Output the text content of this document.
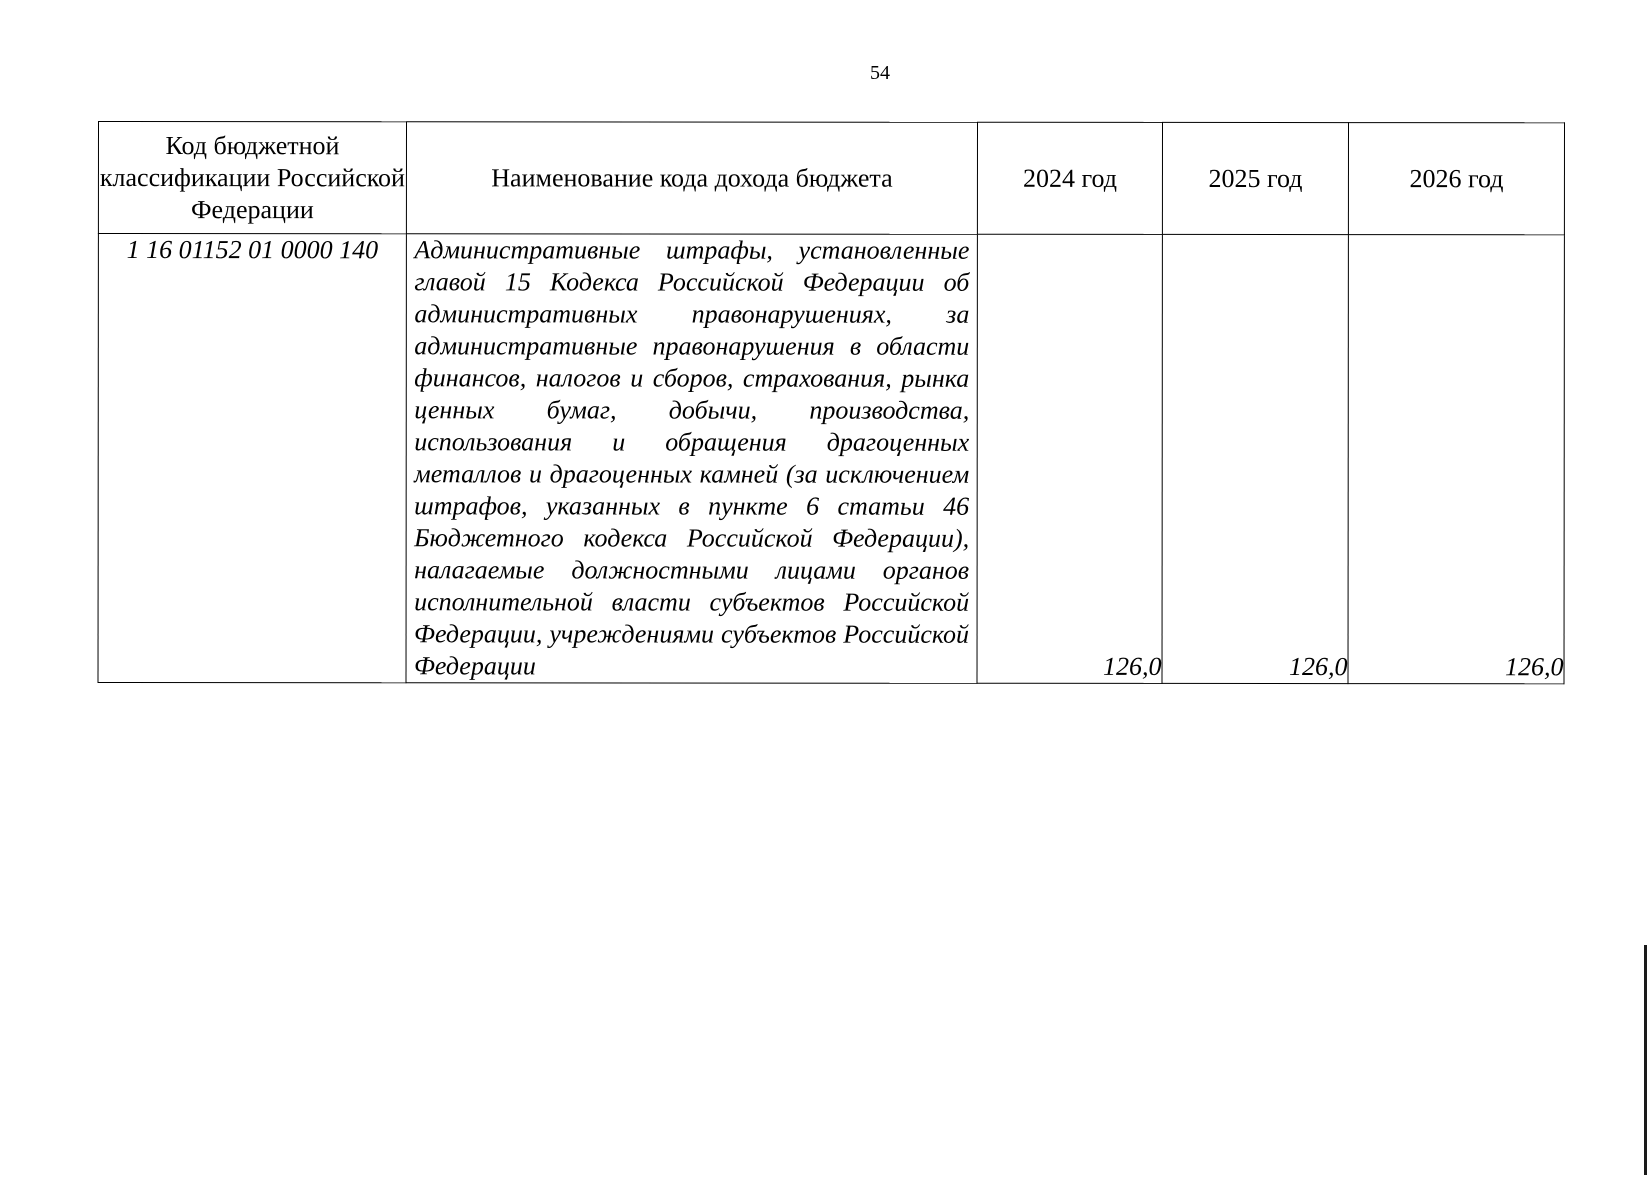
54
Код бюджетной классификации Российской Федерации	Наименование кода дохода бюджета	2024 год	2025 год	2026 год
1 16 01152 01 0000 140	Административные штрафы, установленные главой 15 Кодекса Российской Федерации об административных правонарушениях, за административные правонарушения в области финансов, налогов и сборов, страхования, рынка ценных бумаг, добычи, производства, использования и обращения драгоценных металлов и драгоценных камней (за исключением штрафов, указанных в пункте 6 статьи 46 Бюджетного кодекса Российской Федерации), налагаемые должностными лицами органов исполнительной власти субъектов Российской Федерации, учреждениями субъектов Российской Федерации	126,0	126,0	126,0
